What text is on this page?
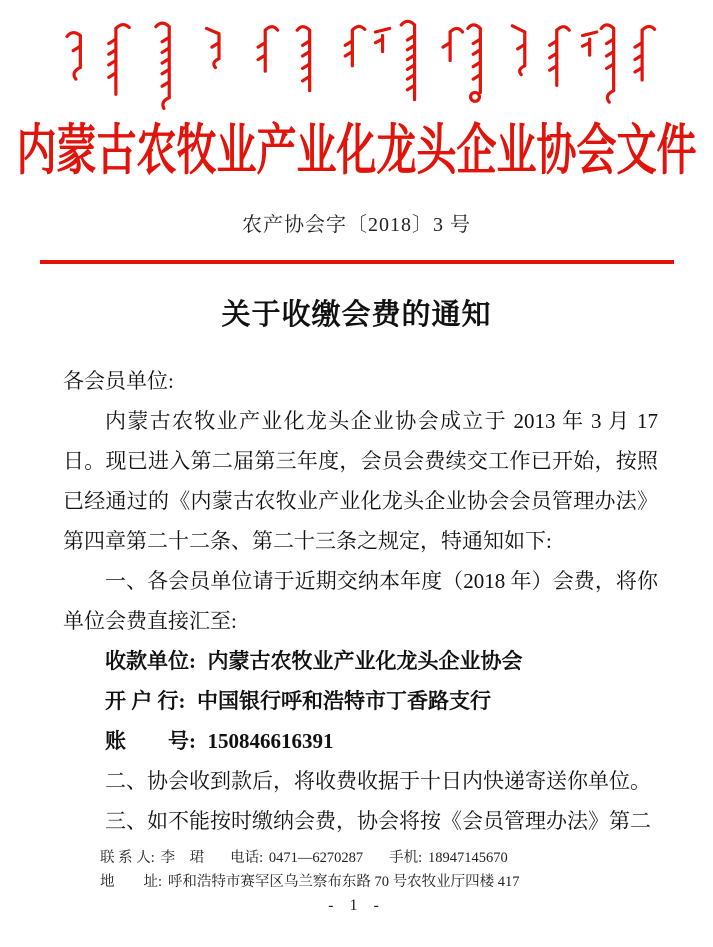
内蒙古农牧业产业化龙头企业协会文件
农产协会字〔2018〕3 号
关于收缴会费的通知

各会员单位:

内蒙古农牧业产业化龙头企业协会成立于 2013 年 3 月 17 日。现已进入第二届第三年度，会员会费续交工作已开始，按照已经通过的《内蒙古农牧业产业化龙头企业协会会员管理办法》第四章第二十二条、第二十三条之规定，特通知如下:

一、各会员单位请于近期交纳本年度（2018 年）会费，将你单位会费直接汇至:

收款单位: 内蒙古农牧业产业化龙头企业协会

开 户 行: 中国银行呼和浩特市丁香路支行

账　　号: 150846616391

二、协会收到款后，将收费收据于十日内快递寄送你单位。

三、如不能按时缴纳会费，协会将按《会员管理办法》第二

联 系 人: 李　珺 电话: 0471—6270287 手机: 18947145670
地　　址: 呼和浩特市赛罕区乌兰察布东路 70 号农牧业厅四楼 417
- 1 -
